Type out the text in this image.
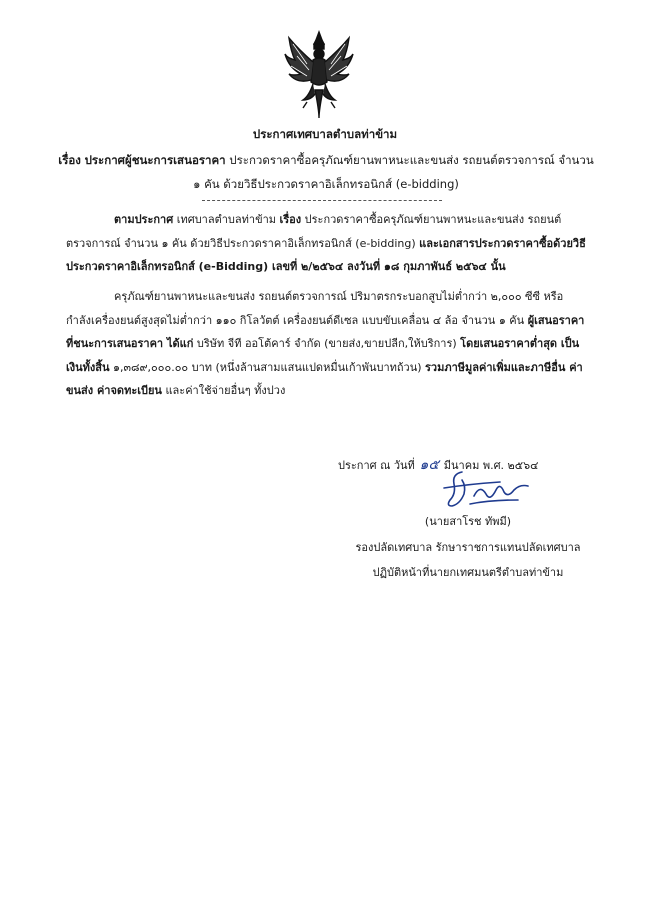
ประกาศเทศบาลตำบลท่าข้าม
เรื่อง ประกาศผู้ชนะการเสนอราคา ประกวดราคาซื้อครุภัณฑ์ยานพาหนะและขนส่ง รถยนต์ตรวจการณ์ จำนวน
๑ คัน ด้วยวิธีประกวดราคาอิเล็กทรอนิกส์ (e-bidding)
ตามประกาศ เทศบาลตำบลท่าข้าม เรื่อง ประกวดราคาซื้อครุภัณฑ์ยานพาหนะและขนส่ง รถยนต์ตรวจการณ์ จำนวน ๑ คัน ด้วยวิธีประกวดราคาอิเล็กทรอนิกส์ (e-bidding) และเอกสารประกวดราคาซื้อด้วยวิธีประกวดราคาอิเล็กทรอนิกส์ (e-Bidding) เลขที่ ๒/๒๕๖๔ ลงวันที่ ๑๘ กุมภาพันธ์ ๒๕๖๔ นั้น
ครุภัณฑ์ยานพาหนะและขนส่ง รถยนต์ตรวจการณ์ ปริมาตรกระบอกสูบไม่ต่ำกว่า ๒,๐๐๐ ซีซี หรือกำลังเครื่องยนต์สูงสุดไม่ต่ำกว่า ๑๑๐ กิโลวัตต์ เครื่องยนต์ดีเซล แบบขับเคลื่อน ๔ ล้อ จำนวน ๑ คัน ผู้เสนอราคาที่ชนะการเสนอราคา ได้แก่ บริษัท จีที ออโต้คาร์ จำกัด (ขายส่ง,ขายปลีก,ให้บริการ) โดยเสนอราคาต่ำสุด เป็นเงินทั้งสิ้น ๑,๓๘๙,๐๐๐.๐๐ บาท (หนึ่งล้านสามแสนแปดหมื่นเก้าพันบาทถ้วน) รวมภาษีมูลค่าเพิ่มและภาษีอื่น ค่าขนส่ง ค่าจดทะเบียน และค่าใช้จ่ายอื่นๆ ทั้งปวง
ประกาศ ณ วันที่ ๑๕ มีนาคม พ.ศ. ๒๕๖๔
(นายสาโรช ทัพมี)
รองปลัดเทศบาล รักษาราชการแทนปลัดเทศบาล
ปฏิบัติหน้าที่นายกเทศมนตรีตำบลท่าข้าม
